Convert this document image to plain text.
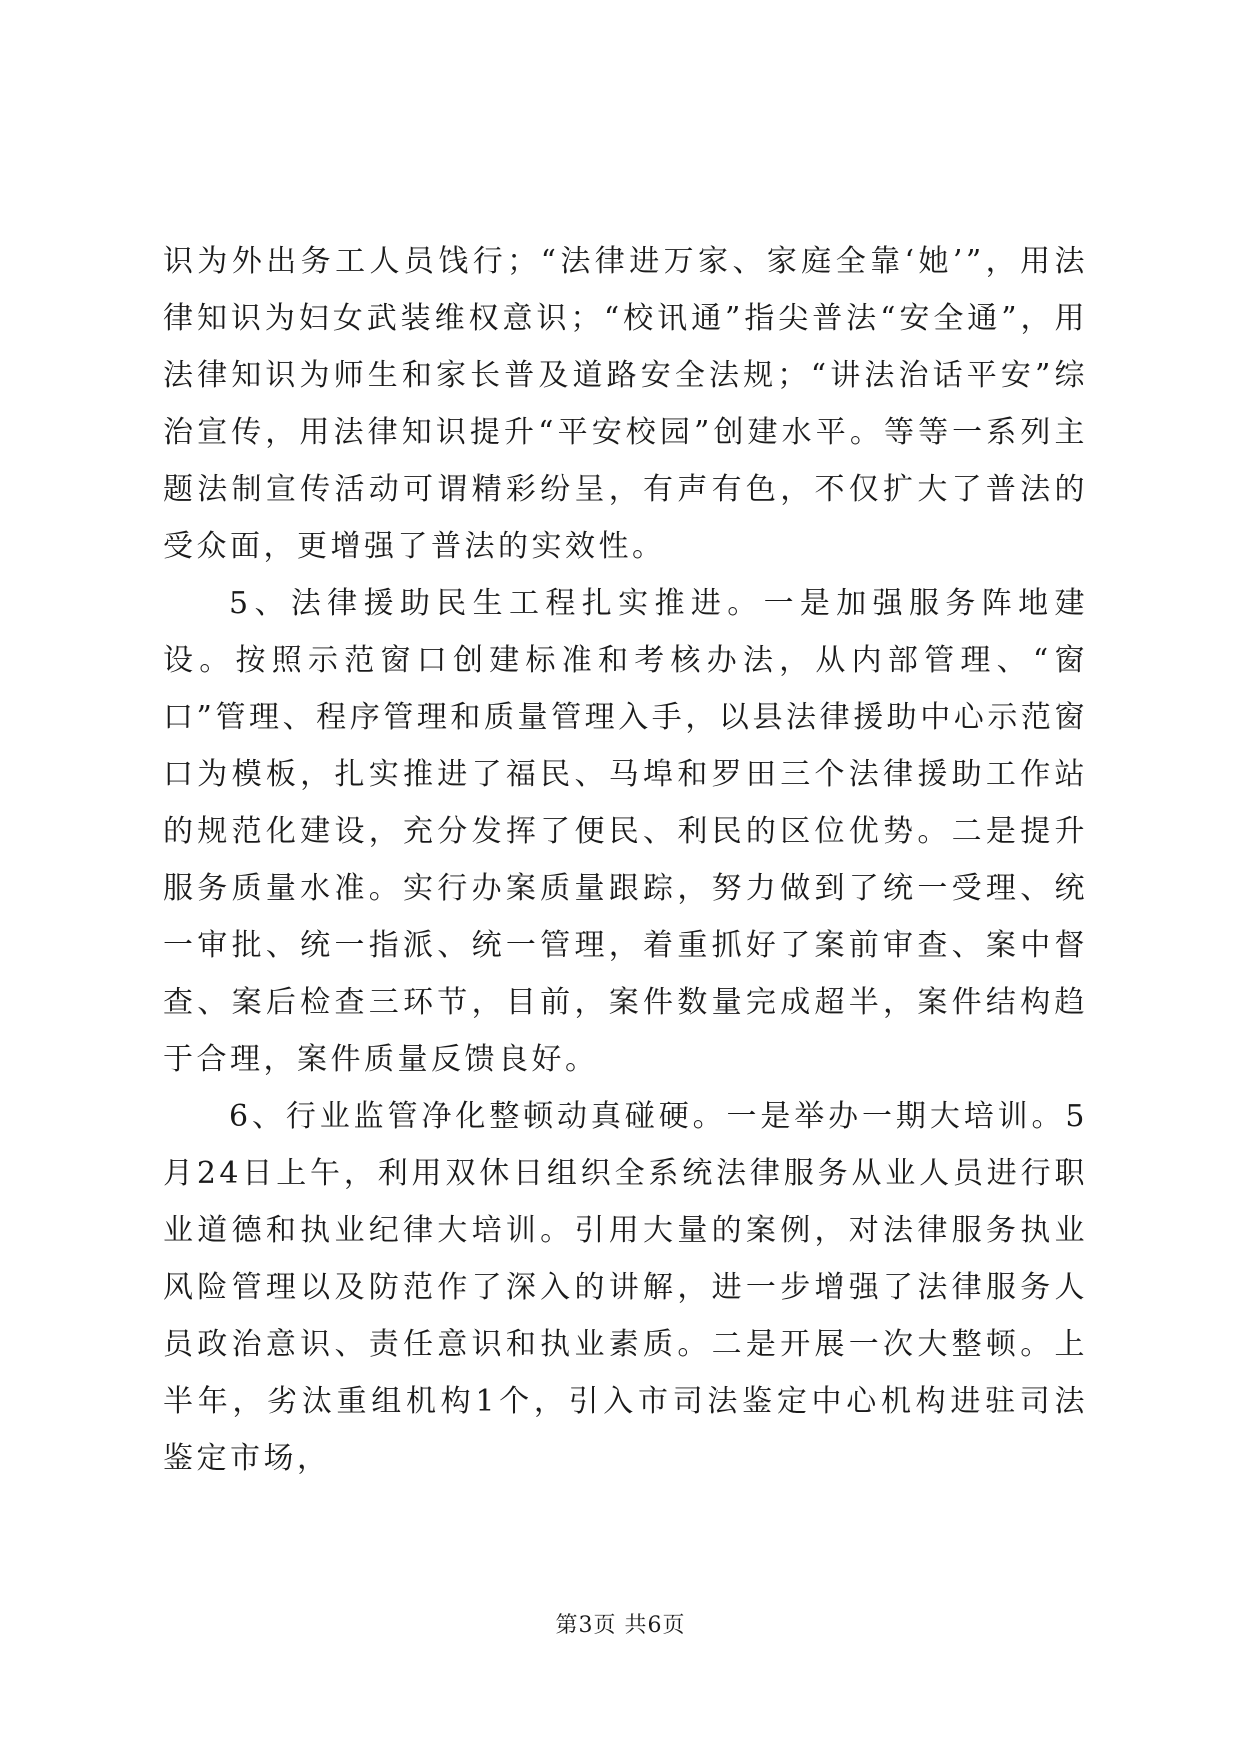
识为外出务工人员饯行；“法律进万家、家庭全靠‘她’”，用法律知识为妇女武装维权意识；“校讯通”指尖普法“安全通”，用法律知识为师生和家长普及道路安全法规；“讲法治话平安”综治宣传，用法律知识提升“平安校园”创建水平。等等一系列主题法制宣传活动可谓精彩纷呈，有声有色，不仅扩大了普法的受众面，更增强了普法的实效性。

5、法律援助民生工程扎实推进。一是加强服务阵地建设。按照示范窗口创建标准和考核办法，从内部管理、“窗口”管理、程序管理和质量管理入手，以县法律援助中心示范窗口为模板，扎实推进了福民、马埠和罗田三个法律援助工作站的规范化建设，充分发挥了便民、利民的区位优势。二是提升服务质量水准。实行办案质量跟踪，努力做到了统一受理、统一审批、统一指派、统一管理，着重抓好了案前审查、案中督查、案后检查三环节，目前，案件数量完成超半，案件结构趋于合理，案件质量反馈良好。

6、行业监管净化整顿动真碰硬。一是举办一期大培训。5月24日上午，利用双休日组织全系统法律服务从业人员进行职业道德和执业纪律大培训。引用大量的案例，对法律服务执业风险管理以及防范作了深入的讲解，进一步增强了法律服务人员政治意识、责任意识和执业素质。二是开展一次大整顿。上半年，劣汰重组机构1个，引入市司法鉴定中心机构进驻司法鉴定市场，

第3页 共6页
